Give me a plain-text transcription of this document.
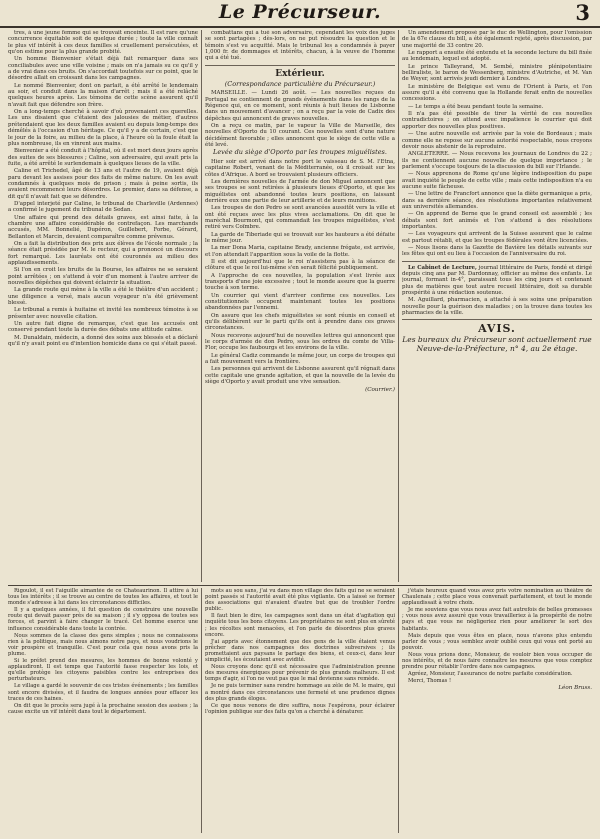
Le Précurseur.	3

tres, à une jeune femme qui se trouvait enceinte. Il est rare qu'une concurrence équitable soit de quelque durée ; toute la ville connaît le plus vif intérêt à ces deux familles si cruellement persécutées, et qu'on estime pour la plus grande probité.

Un homme Bienvenier s'était déjà fait remarquer dans ses conciliabules avec une ville voisine ; mais on n'a jamais su ce qu'il y a de vrai dans ces bruits. On s'accordait toutefois sur ce point, que le désordre allait en croissant dans les campagnes.

Le nommé Bienvenier, dont on parlait, a été arrêté le lendemain au soir, et conduit dans la maison d'arrêt ; mais il a été relâché quelques heures après. Les témoins de cette scène assurent qu'il n'avait fait que défendre son frère.

On a long-temps cherché à savoir d'où provenaient ces querelles. Les uns disaient que c'étaient des jalousies de métier, d'autres prétendaient que les deux familles avaient eu depuis long-temps des démêlés à l'occasion d'un héritage. Ce qu'il y a de certain, c'est que le jour de la foire, au milieu de la place, à l'heure où la foule était la plus nombreuse, ils en vinrent aux mains.

Bienvenier a été conduit à l'hôpital, où il est mort deux jours après des suites de ses blessures ; Caline, son adversaire, qui avait pris la fuite, a été arrêté le surlendemain à quelques lieues de la ville.

Caline et Trichedel, âgé de 13 ans et l'autre de 19, avaient déjà paru devant les assises pour des faits de même nature. On les avait condamnés à quelques mois de prison ; mais à peine sortis, ils avaient recommencé leurs désordres. Le premier, dans sa défense, a dit qu'il n'avait fait que se défendre.

D'appel interjeté par Caline, le tribunal de Charleville (Ardennes) a confirmé le jugement du tribunal de Sedan.

Une affaire qui prend des détails graves, est ainsi faite, à la chambre une affaire considérable de contrefaçon. Les marchands accusés, MM. Bonnelié, Dupéron, Guillebert, Forbe, Gérard, Bellanton et Marcin, devaient comparaître comme prévenus.

On a fait la distribution des prix aux élèves de l'école normale ; la séance était présidée par M. le recteur, qui a prononcé un discours fort remarqué. Les lauréats ont été couronnés au milieu des applaudissements.

Si l'on en croit les bruits de la Bourse, les affaires ne se seraient point arrêtées ; on s'attend à voir d'un moment à l'autre arriver de nouvelles dépêches qui doivent éclaircir la situation.

La grande route qui mène à la ville a été le théâtre d'un accident ; une diligence a versé, mais aucun voyageur n'a été grièvement blessé.

Le tribunal a remis à huitaine et invité les nombreux témoins à se présenter avec nouvelle citation.

Un autre fait digne de remarque, c'est que les accusés ont conservé pendant toute la durée des débats une attitude calme.

M. Dunaldain, médecin, a donné des soins aux blessés et a déclaré qu'il n'y avait point eu d'intention homicide dans ce qui s'était passé.

combattans qui a tué son adversaire, cependant les voix des juges se sont partagées ; dès-lors, on ne put résoudre la question et le témoin s'est vu acquitté. Mais le tribunal les a condamnés à payer 1,000 fr. de dommages et intérêts, chacun, à la veuve de l'homme qui a été tué.

Extérieur.
(Correspondance particulière du Précurseur.)

MARSEILLE. — Lundi 26 août. — Les nouvelles reçues du Portugal ne contiennent de grands événements dans les rangs de la Régence qui, en ce moment, sont réunis à huit lieues de Lisbonne dans un mouvement d'avancer ; on a reçu par la voie de Cadix des dépêches qui annoncent de graves nouvelles.

On a reçu ce matin, par le vapeur la Ville de Marseille, des nouvelles d'Oporto du 10 courant. Ces nouvelles sont d'une nature décidément favorable ; elles annoncent que le siège de cette ville a été levé.

Levée du siège d'Oporto par les troupes miguélistes.

Hier soir est arrivé dans notre port le vaisseau de S. M. l'Etna, capitaine Robert, venant de la Méditerranée, où il croisait sur les côtes d'Afrique. A bord se trouvaient plusieurs officiers.

Les dernières nouvelles de l'armée de don Miguel annoncent que ses troupes se sont retirées à plusieurs lieues d'Oporto, et que les miguélistes ont abandonné toutes leurs positions, en laissant derrière eux une partie de leur artillerie et de leurs munitions.

Les troupes de don Pedro se sont avancées aussitôt vers la ville et ont été reçues avec les plus vives acclamations. On dit que le maréchal Bourmont, qui commandait les troupes miguélistes, s'est retiré vers Coïmbre.

La garde de Tiberiade qui se trouvait sur les hauteurs a été défaite le même jour.

La mer Dona Maria, capitaine Brady, ancienne frégate, est arrivée, et l'on attendait l'apparition sous la voile de la flotte.

Il est dit aujourd'hui que le roi n'assistera pas à la séance de clôture et que le roi lui-même s'en serait félicité publiquement.

A l'approche de ces nouvelles, la population s'est livrée aux transports d'une joie excessive ; tout le monde assure que la guerre touche à son terme.

Un courrier qui vient d'arriver confirme ces nouvelles. Les constitutionnels occupent maintenant toutes les positions abandonnées par l'ennemi.

On assure que les chefs miguélistes se sont réunis en conseil et qu'ils délibèrent sur le parti qu'ils ont à prendre dans ces graves circonstances.

Nous recevons aujourd'hui de nouvelles lettres qui annoncent que le corps d'armée de don Pedro, sous les ordres du comte de Villa-Flor, occupe les faubourgs et les environs de la ville.

Le général Cadiz commande le même jour, un corps de troupes qui a fait mouvement vers la frontière.

Les personnes qui arrivent de Lisbonne assurent qu'il régnait dans cette capitale une grande agitation, et que la nouvelle de la levée du siège d'Oporto y avait produit une vive sensation.

(Courrier.)

Un amendement proposé par le duc de Wellington, pour l'omission de la 67e clause du bill, a été également rejeté, après discussion, par une majorité de 33 contre 20.

Le rapport a ensuite été entendu et la seconde lecture du bill fixée au lendemain, lequel est adopté.

Le prince Talleyrand, M. Sembé, ministre plénipotentiaire belliraliste, le baron de Wessenberg, ministre d'Autriche, et M. Van de Weyer, sont arrivés jeudi dernier à Londres.

Le ministère de Belgique est venu de l'Orient à Paris, et l'on assure qu'il a été convenu que la Hollande ferait enfin de nouvelles concessions.

— Le temps a été beau pendant toute la semaine.

Il n'a pas été possible de tirer la vérité de ces nouvelles contradictoires ; on attend avec impatience le courrier qui doit apporter des nouvelles plus positives.

— Une autre nouvelle est arrivée par la voie de Bordeaux ; mais comme elle ne repose sur aucune autorité respectable, nous croyons devoir nous abstenir de la reproduire.

ANGLETERRE. — Nous recevons les journaux de Londres du 22 ; ils ne contiennent aucune nouvelle de quelque importance ; le parlement s'occupe toujours de la discussion du bill sur l'Irlande.

— Nous apprenons de Rome qu'une légère indisposition du pape avait inquiété le peuple de cette ville ; mais cette indisposition n'a eu aucune suite fâcheuse.

— Une lettre de Francfort annonce que la diète germanique a pris, dans sa dernière séance, des résolutions importantes relativement aux universités allemandes.

— On apprend de Berne que le grand conseil est assemblé ; les débats sont fort animés et l'on s'attend à des résolutions importantes.

— Les voyageurs qui arrivent de la Suisse assurent que le calme est partout rétabli, et que les troupes fédérales vont être licenciées.

— Nous lisons dans la Gazette de Bavière les détails suivants sur les fêtes qui ont eu lieu à l'occasion de l'anniversaire du roi.

Le Cabinet de Lecture, journal littéraire de Paris, fondé et dirigé depuis cinq ans par M. Dardonnay, officier au même des enfants. Le journal, formant in-4°, paraissant tous les cinq jours et contenant plus de matières que tout autre recueil littéraire, doit sa durable prospérité à une rédaction soutenue.

M. Aguillard, pharmacien, a attaché à ses soins une préparation nouvelle pour la guérison des maladies ; on la trouve dans toutes les pharmacies de la ville.

AVIS.
Les bureaux du Précurseur sont actuellement rue Neuve-de-la-Préfecture, n° 4, au 2e étage.

Rigoulot, il est l'aiguille aimantée de ce Chateaurinon. Il attire à lui tous les intérêts ; il se trouve au centre de toutes les affaires, et tout le monde s'adresse à lui dans les circonstances difficiles.

Il y a quelques années, il fut question de construire une nouvelle route qui devait passer près de sa maison ; il s'y opposa de toutes ses forces, et parvint à faire changer le tracé. Cet homme exerce une influence considérable dans toute la contrée.

Nous sommes de la classe des gens simples ; nous ne connaissons rien à la politique, mais nous aimons notre pays, et nous voudrions le voir prospère et tranquille. C'est pour cela que nous avons pris la plume.

Si le préfet prend des mesures, les hommes de bonne volonté y applaudiront. Il est temps que l'autorité fasse respecter les lois, et qu'elle protège les citoyens paisibles contre les entreprises des perturbateurs.

Le village a gardé le souvenir de ces tristes événements ; les familles sont encore divisées, et il faudra de longues années pour effacer les traces de ces haines.

On dit que le procès sera jugé à la prochaine session des assises ; la cause excite un vif intérêt dans tout le département.

mots au sou sans, j'ai vu dans mon village des faits qui ne se seraient point passés si l'autorité avait été plus vigilante. On a laissé se former des associations qui n'avaient d'autre but que de troubler l'ordre public.

Il faut bien le dire, les campagnes sont dans un état d'agitation qui inquiète tous les bons citoyens. Les propriétaires ne sont plus en sûreté ; les récoltes sont menacées, et l'on parle de désordres plus graves encore.

J'ai appris avec étonnement que des gens de la ville étaient venus prêcher dans nos campagnes des doctrines subversives ; ils promettaient aux paysans le partage des biens, et ceux-ci, dans leur simplicité, les écoutaient avec avidité.

Nous croyons donc qu'il est nécessaire que l'administration prenne des mesures énergiques pour prévenir de plus grands malheurs. Il est temps d'agir, si l'on ne veut pas que le mal devienne sans remède.

Je ne puis terminer sans rendre hommage au zèle de M. le maire, qui a montré dans ces circonstances une fermeté et une prudence dignes des plus grands éloges.

Ce que nous venons de dire suffira, nous l'espérons, pour éclairer l'opinion publique sur des faits qu'on a cherché à dénaturer.

j'étais heureux quand vous avez pris votre nomination au théâtre de Chaulenais ; cette place vous convenait parfaitement, et tout le monde applaudissait à votre choix.

Je me souviens que vous nous avez fait autrefois de belles promesses ; vous nous avez assuré que vous travailleriez à la prospérité de notre pays et que vous ne négligeriez rien pour améliorer le sort des habitants.

Mais depuis que vous êtes en place, nous n'avons plus entendu parler de vous ; vous semblez avoir oublié ceux qui vous ont porté au pouvoir.

Nous vous prions donc, Monsieur, de vouloir bien vous occuper de nos intérêts, et de nous faire connaître les mesures que vous comptez prendre pour rétablir l'ordre dans nos campagnes.

Agréez, Monsieur, l'assurance de notre parfaite considération.

Merci, Thomas !

Léon Bruss.
